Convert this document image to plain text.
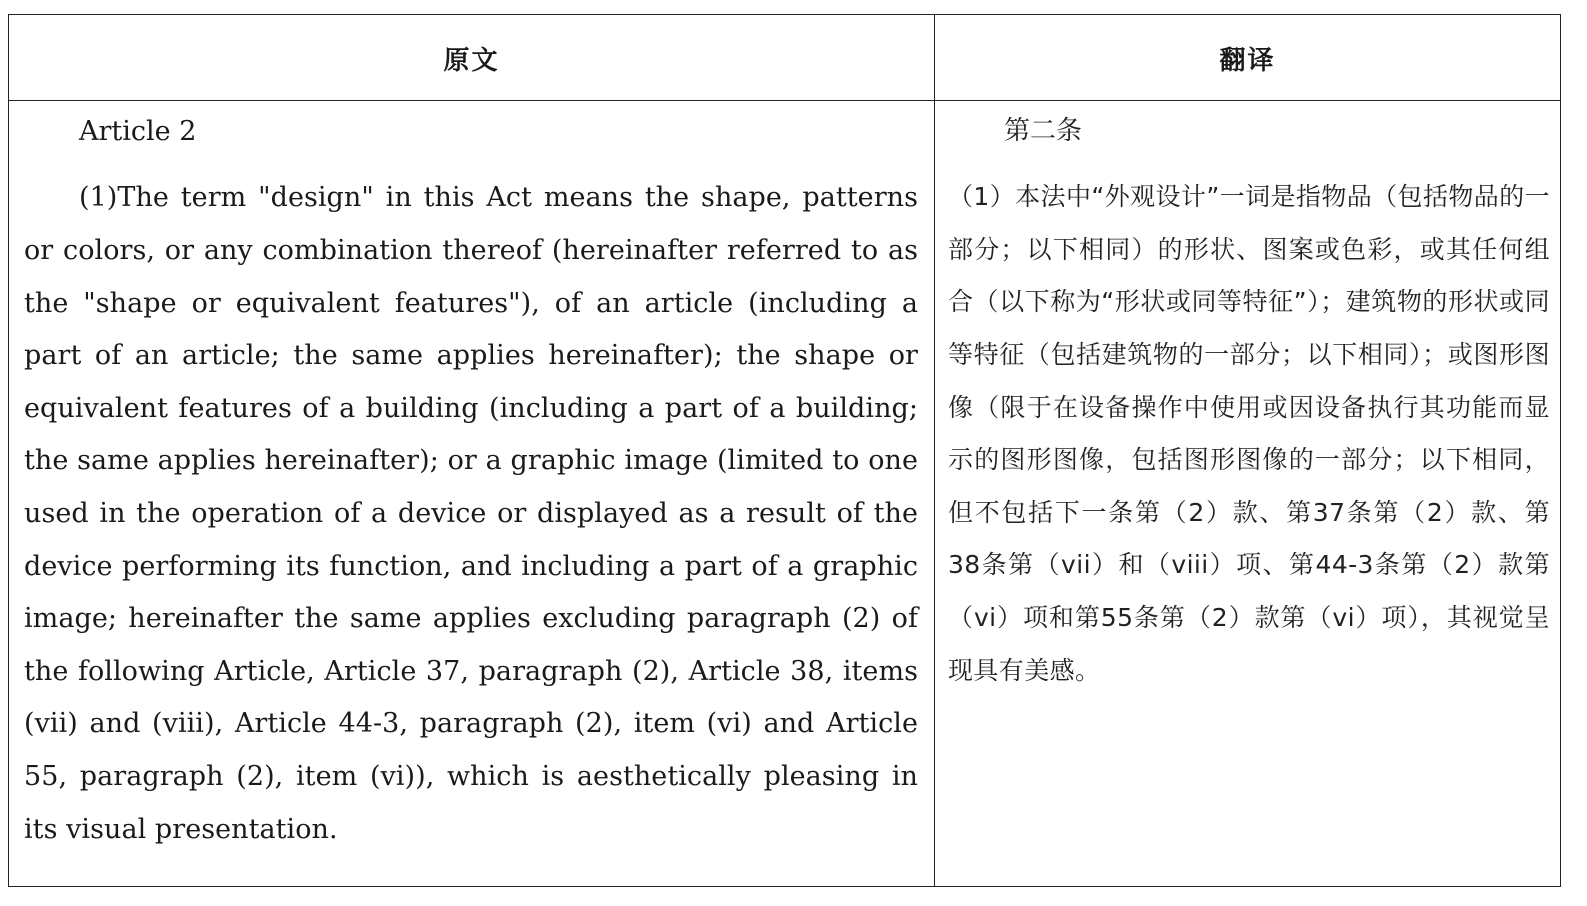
原文	翻译

Article 2

(1)The term "design" in this Act means the shape, patterns or colors, or any combination thereof (hereinafter referred to as the "shape or equivalent features"), of an article (including a part of an article; the same applies hereinafter); the shape or equivalent features of a building (including a part of a building; the same applies hereinafter); or a graphic image (limited to one used in the operation of a device or displayed as a result of the device performing its function, and including a part of a graphic image; hereinafter the same applies excluding paragraph (2) of the following Article, Article 37, paragraph (2), Article 38, items (vii) and (viii), Article 44-3, paragraph (2), item (vi) and Article 55, paragraph (2), item (vi)), which is aesthetically pleasing in its visual presentation.

第二条

（1）本法中“外观设计”一词是指物品（包括物品的一部分；以下相同）的形状、图案或色彩，或其任何组合（以下称为“形状或同等特征”）；建筑物的形状或同等特征（包括建筑物的一部分；以下相同）；或图形图像（限于在设备操作中使用或因设备执行其功能而显示的图形图像，包括图形图像的一部分；以下相同，但不包括下一条第（2）款、第37条第（2）款、第38条第（vii）和（viii）项、第44-3条第（2）款第（vi）项和第55条第（2）款第（vi）项），其视觉呈现具有美感。
